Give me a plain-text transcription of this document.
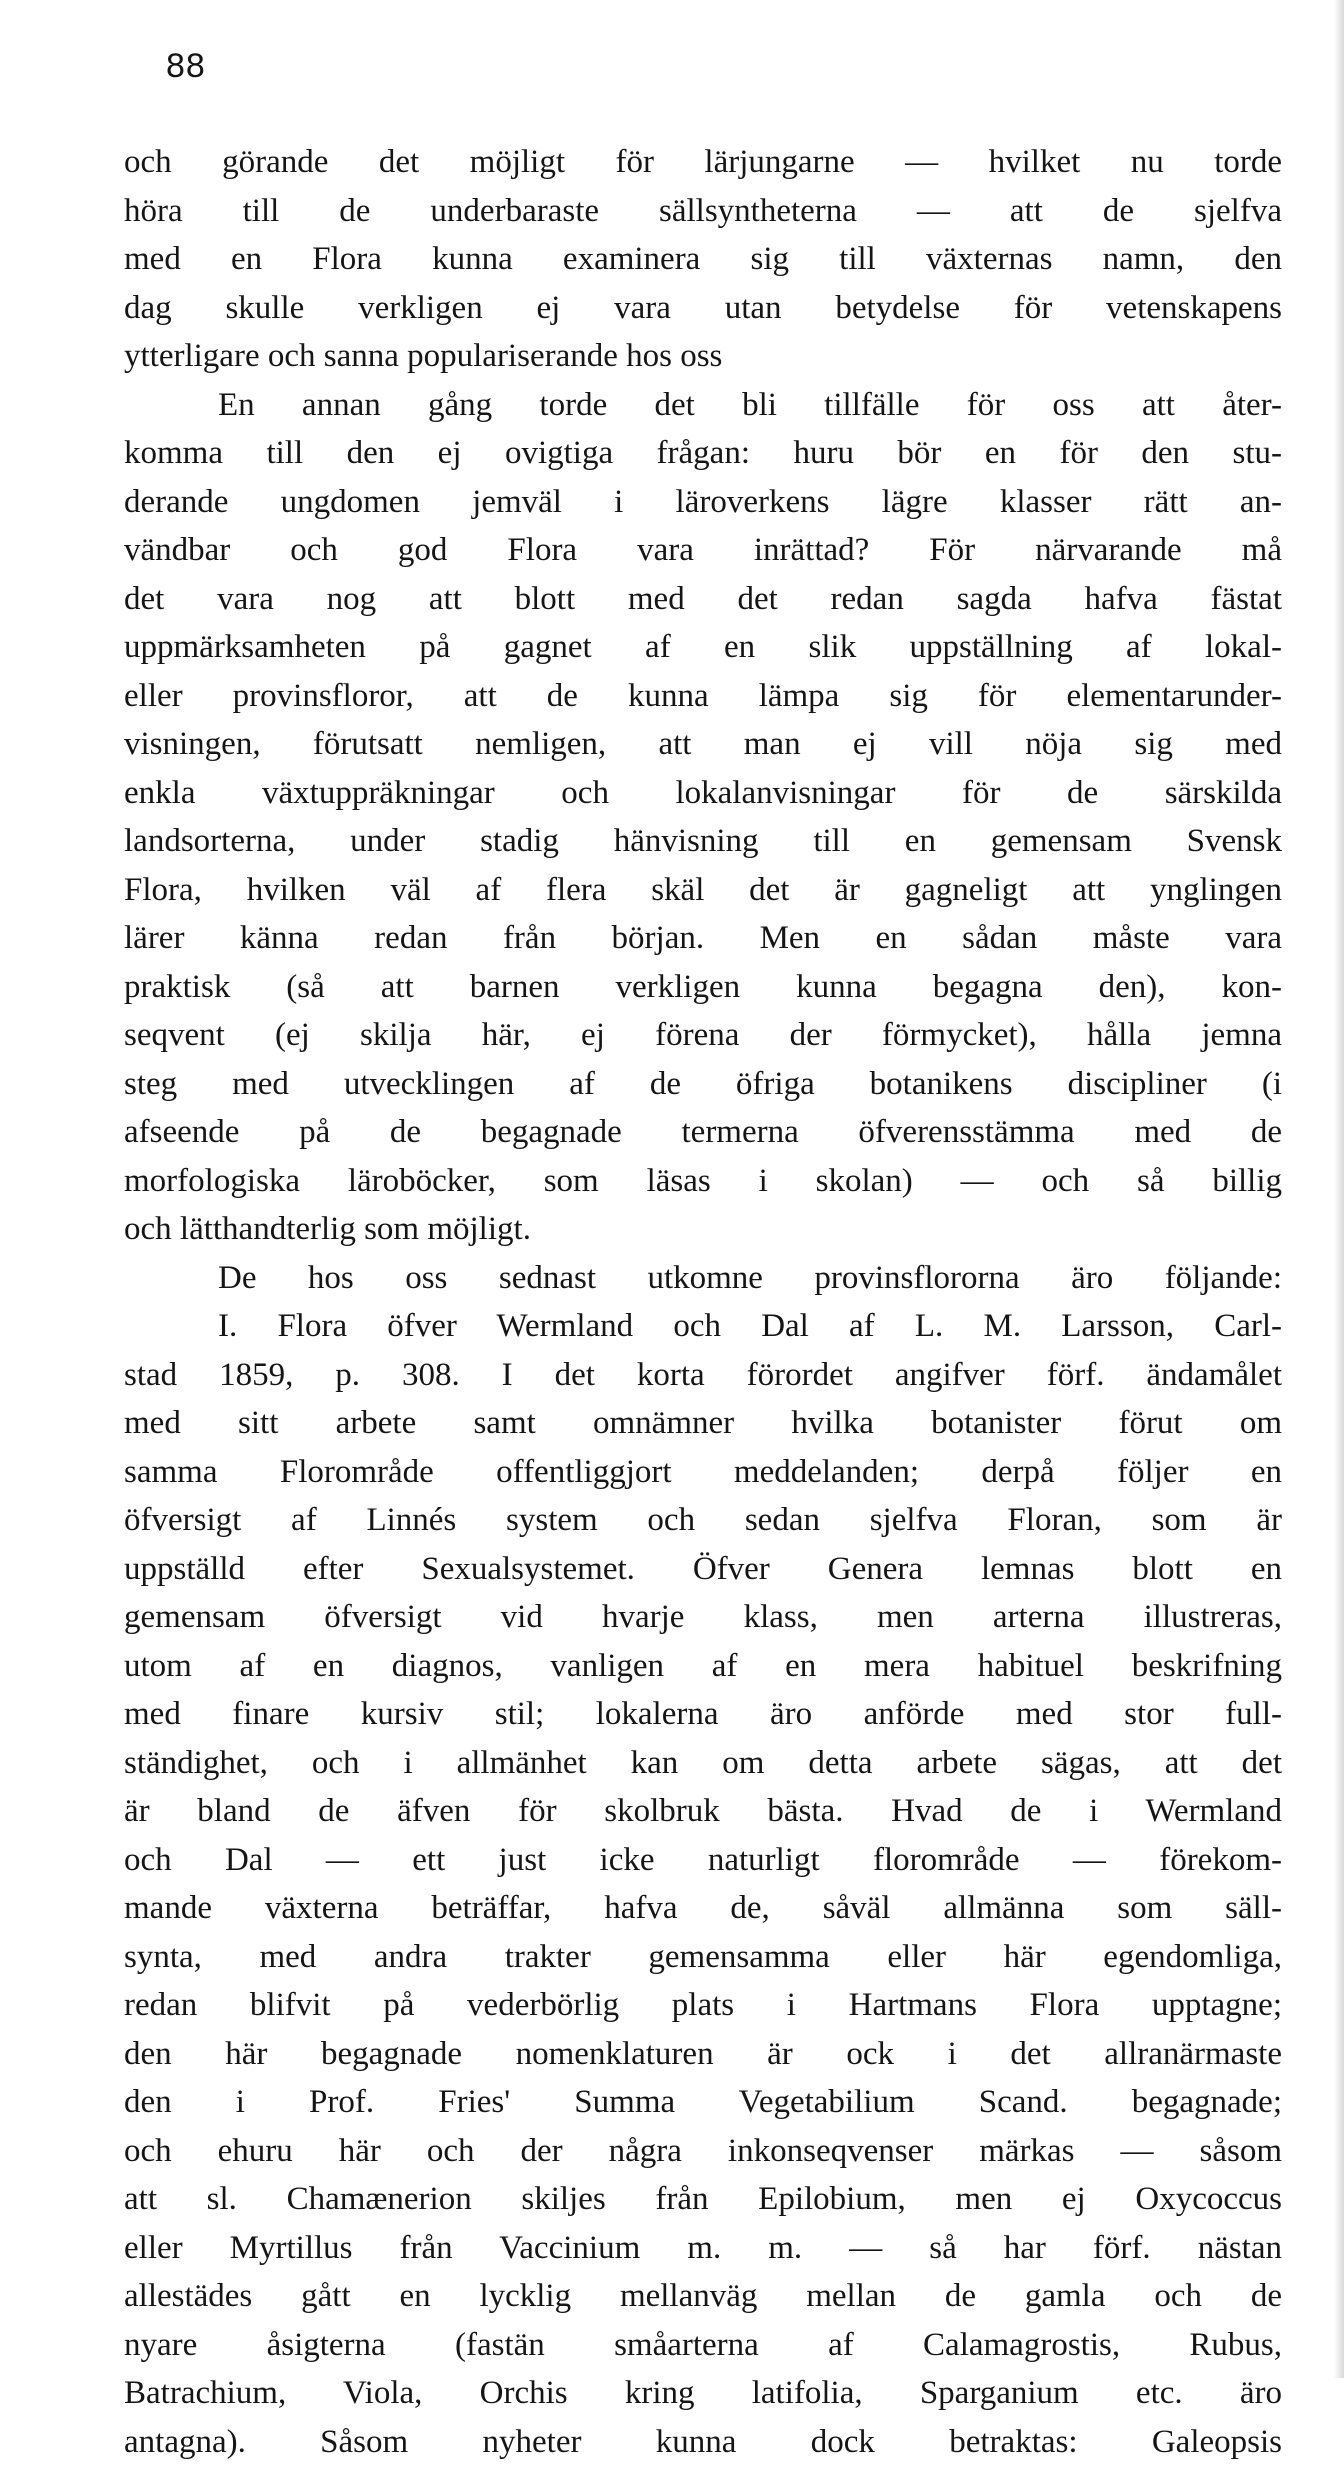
88
och görande det möjligt för lärjungarne — hvilket nu torde
höra till de underbaraste sällsyntheterna — att de sjelfva
med en Flora kunna examinera sig till växternas namn, den
dag skulle verkligen ej vara utan betydelse för vetenskapens
ytterligare och sanna populariserande hos oss
En annan gång torde det bli tillfälle för oss att åter-
komma till den ej ovigtiga frågan: huru bör en för den stu-
derande ungdomen jemväl i läroverkens lägre klasser rätt an-
vändbar och god Flora vara inrättad? För närvarande må
det vara nog att blott med det redan sagda hafva fästat
uppmärksamheten på gagnet af en slik uppställning af lokal-
eller provinsfloror, att de kunna lämpa sig för elementarunder-
visningen, förutsatt nemligen, att man ej vill nöja sig med
enkla växtuppräkningar och lokalanvisningar för de särskilda
landsorterna, under stadig hänvisning till en gemensam Svensk
Flora, hvilken väl af flera skäl det är gagneligt att ynglingen
lärer känna redan från början. Men en sådan måste vara
praktisk (så att barnen verkligen kunna begagna den), kon-
seqvent (ej skilja här, ej förena der förmycket), hålla jemna
steg med utvecklingen af de öfriga botanikens discipliner (i
afseende på de begagnade termerna öfverensstämma med de
morfologiska läroböcker, som läsas i skolan) — och så billig
och lätthandterlig som möjligt.
De hos oss sednast utkomne provinsflororna äro följande:
I. Flora öfver Wermland och Dal af L. M. Larsson, Carl-
stad 1859, p. 308. I det korta förordet angifver förf. ändamålet
med sitt arbete samt omnämner hvilka botanister förut om
samma Florområde offentliggjort meddelanden; derpå följer en
öfversigt af Linnés system och sedan sjelfva Floran, som är
uppställd efter Sexualsystemet. Öfver Genera lemnas blott en
gemensam öfversigt vid hvarje klass, men arterna illustreras,
utom af en diagnos, vanligen af en mera habituel beskrifning
med finare kursiv stil; lokalerna äro anförde med stor full-
ständighet, och i allmänhet kan om detta arbete sägas, att det
är bland de äfven för skolbruk bästa. Hvad de i Wermland
och Dal — ett just icke naturligt florområde — förekom-
mande växterna beträffar, hafva de, såväl allmänna som säll-
synta, med andra trakter gemensamma eller här egendomliga,
redan blifvit på vederbörlig plats i Hartmans Flora upptagne;
den här begagnade nomenklaturen är ock i det allranärmaste
den i Prof. Fries' Summa Vegetabilium Scand. begagnade;
och ehuru här och der några inkonseqvenser märkas — såsom
att sl. Chamænerion skiljes från Epilobium, men ej Oxycoccus
eller Myrtillus från Vaccinium m. m. — så har förf. nästan
allestädes gått en lycklig mellanväg mellan de gamla och de
nyare åsigterna (fastän småarterna af Calamagrostis, Rubus,
Batrachium, Viola, Orchis kring latifolia, Sparganium etc. äro
antagna). Såsom nyheter kunna dock betraktas: Galeopsis
